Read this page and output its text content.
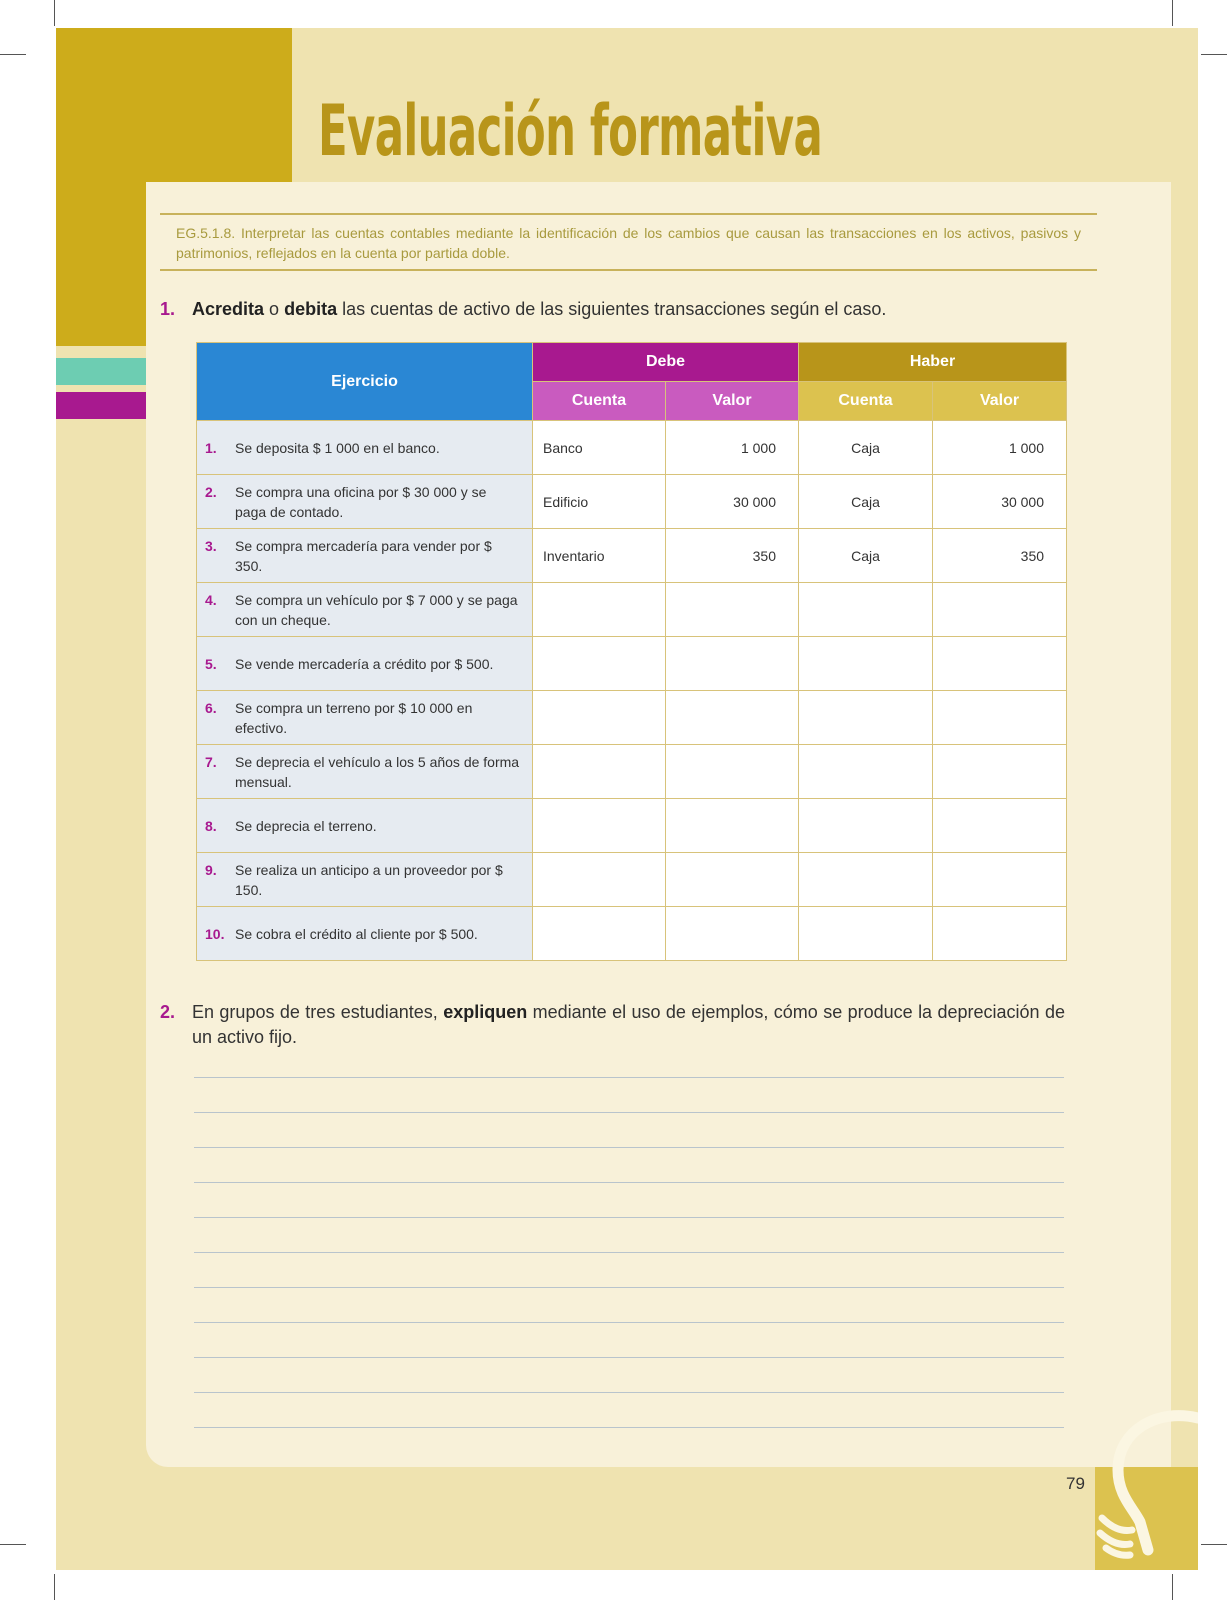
Evaluación formativa
EG.5.1.8. Interpretar las cuentas contables mediante la identificación de los cambios que causan las transacciones en los activos, pasivos y patrimonios, reflejados en la cuenta por partida doble.
1. Acredita o debita las cuentas de activo de las siguientes transacciones según el caso.
Ejercicio	Debe		Haber	
	Cuenta	Valor	Cuenta	Valor
1. Se deposita $ 1 000 en el banco.	Banco	1 000	Caja	1 000
2. Se compra una oficina por $ 30 000 y se paga de contado.	Edificio	30 000	Caja	30 000
3. Se compra mercadería para vender por $ 350.	Inventario	350	Caja	350
4. Se compra un vehículo por $ 7 000 y se paga con un cheque.				
5. Se vende mercadería a crédito por $ 500.				
6. Se compra un terreno por $ 10 000 en efectivo.				
7. Se deprecia el vehículo a los 5 años de forma mensual.				
8. Se deprecia el terreno.				
9. Se realiza un anticipo a un proveedor por $ 150.				
10. Se cobra el crédito al cliente por $ 500.				
2. En grupos de tres estudiantes, expliquen mediante el uso de ejemplos, cómo se produce la depreciación de un activo fijo.
79
